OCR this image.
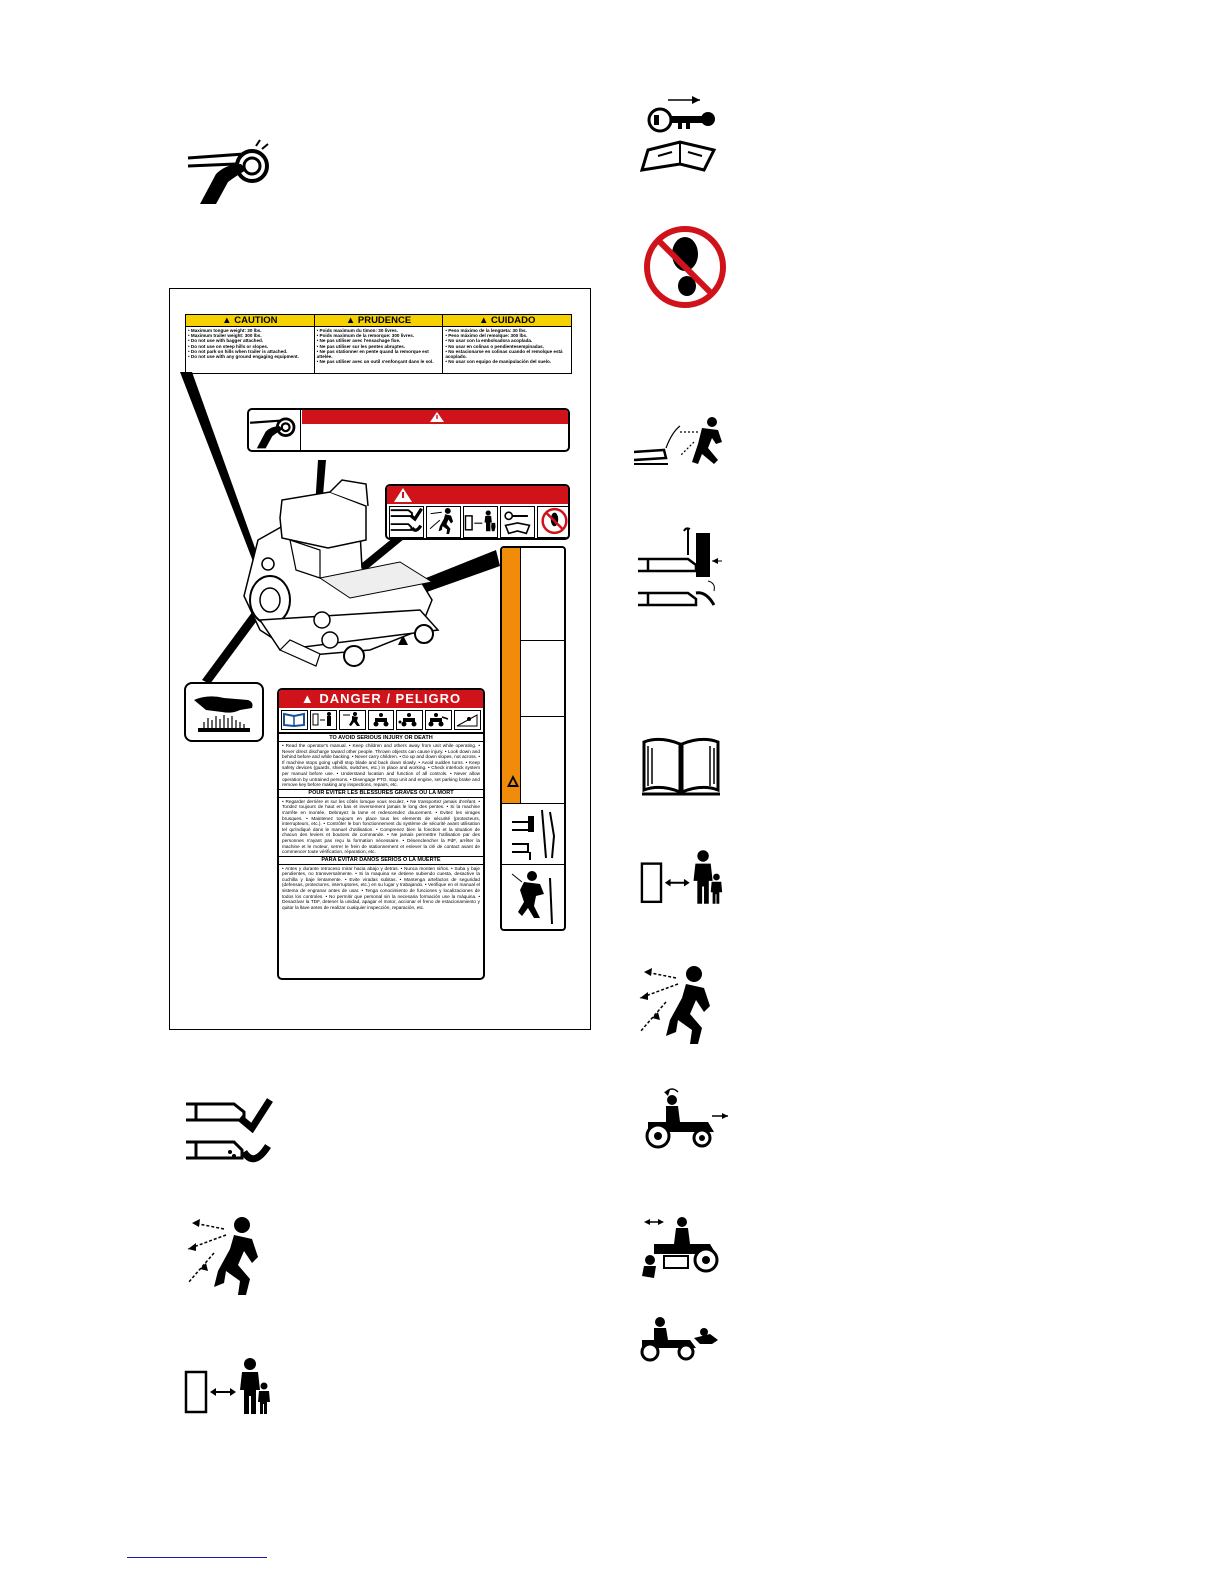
▲ CAUTION
• Maximum tongue weight: 30 lbs.
• Maximum trailer weight: 300 lbs.
• Do not use with bagger attached.
• Do not use on steep hills or slopes.
• Do not park on hills when trailer is attached.
• Do not use with any ground engaging equipment.
▲ PRUDENCE
• Poids maximum du timon: 30 livres.
• Poids maximum de la remorque: 300 livres.
• Ne pas utiliser avec l'ensachage fixe.
• Ne pas utiliser sur les pentes abruptes.
• Ne pas stationner en pente quand la remorque est attelée.
• Ne pas utiliser avec un outil s'enfonçant dans le sol.
▲ CUIDADO
• Peso máximo de la lengüeta: 30 lbs.
• Peso máximo del remolque: 300 lbs.
• No usar con la embolsadora acoplada.
• No usar en colinas o pendientesempinadas.
• No estacionarse en colinas cuando el remolque está acoplado.
• No usar con equipo de manipulación del suelo.
▲ DANGER / PELIGRO
TO AVOID SERIOUS INJURY OR DEATH
• Read the operator's manual. • Keep children and others away from unit while operating. • Never direct discharge toward other people. Thrown objects can cause injury. • Look down and behind before and while backing. • Never carry children. • Go up and down slopes, not across. • If machine stops going uphill stop blade and back down slowly. • Avoid sudden turns. • Keep safety devices (guards, shields, switches, etc.) in place and working. • Check interlock system per manual before use. • Understand location and function of all controls. • Never allow operation by untrained persons. • Disengage PTO, stop unit and engine, set parking brake and remove key before making any inspections, repairs, etc.
POUR EVITER LES BLESSURES GRAVES OU LA MORT
• Regarder derrière et sur les côtés lorsque vous reculez. • Ne transportez jamais d'enfant. • Tondez toujours de haut en bas et inversement jamais le long des pentes. • Si la machine s'arrête en montée, Debrayez la lame et redescendez doucement. • Evitez les virages brusques. • Maintenez toujours en place tous les elements de sécurité (protecteurs, interrupteurs, etc.). • Contrôler le bon fonctionnement du système de sécurité avant utilisation tel qu'indiqué dans le manuel d'utilisation. • Comprenez bien la fonction et la situation de chacun des leviers et boutons de commande. • Ne jamais permettre l'utilisation par des personnes n'ayant pas reçu la formation nécessaire. • Désenclencher la PdF, arrêter la machine et le moteur, serrer le frein de stationnement et enlever la clé de contact avant de commencer toute vérification, réparation, etc.
PARA EVITAR DAÑOS SERIOS O LA MUERTE
• Antes y durante retroceso mirar hacia abajo y detras. • Nunca monten niños. • Suba y baje pendientes, no transversalmente. • Si la maquina se detiene subiendo cuesta, desactive la cuchilla y baje lentamente. • Evite viradas subitas. • Mantenga artefactos de seguridad (defensas, protectores, interruptores, etc.) en su lugar y trabajando. • Verifique en el manual el sistema de engranar antes de usar. • Tenga conocimiento de funciones y localizaciones de todos los controles. • No permitir que personal sin la necesaria formación use la máquina. • Desactivar la TDF, detener la unidad, apagar el motor, accionar el freno de estacionamiento y quitar la llave antes de realizar cualquier inspección, reparación, etc.
